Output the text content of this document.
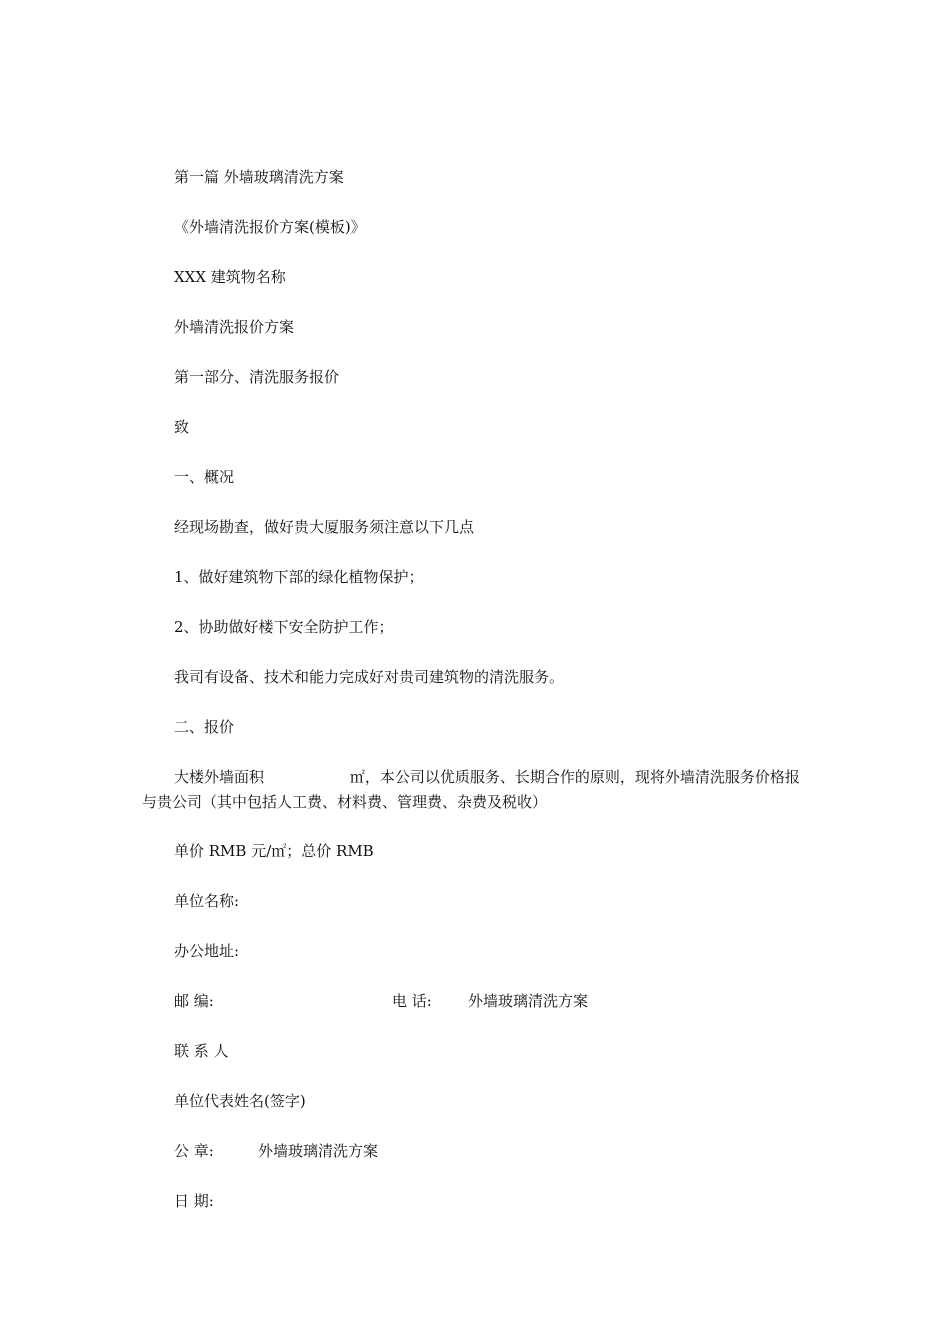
第一篇 外墙玻璃清洗方案

《外墙清洗报价方案(模板)》

XXX 建筑物名称

外墙清洗报价方案

第一部分、清洗服务报价

致

一、概况

经现场勘查，做好贵大厦服务须注意以下几点

1、做好建筑物下部的绿化植物保护；

2、协助做好楼下安全防护工作；

我司有设备、技术和能力完成好对贵司建筑物的清洗服务。

二、报价

大楼外墙面积                  ㎡，本公司以优质服务、长期合作的原则，现将外墙清洗服务价格报与贵公司（其中包括人工费、材料费、管理费、杂费及税收）

单价 RMB 元/㎡；总价 RMB

单位名称:

办公地址:

邮 编:	电 话: 外墙玻璃清洗方案

联 系 人

单位代表姓名(签字)

公 章:	外墙玻璃清洗方案
日 期:
